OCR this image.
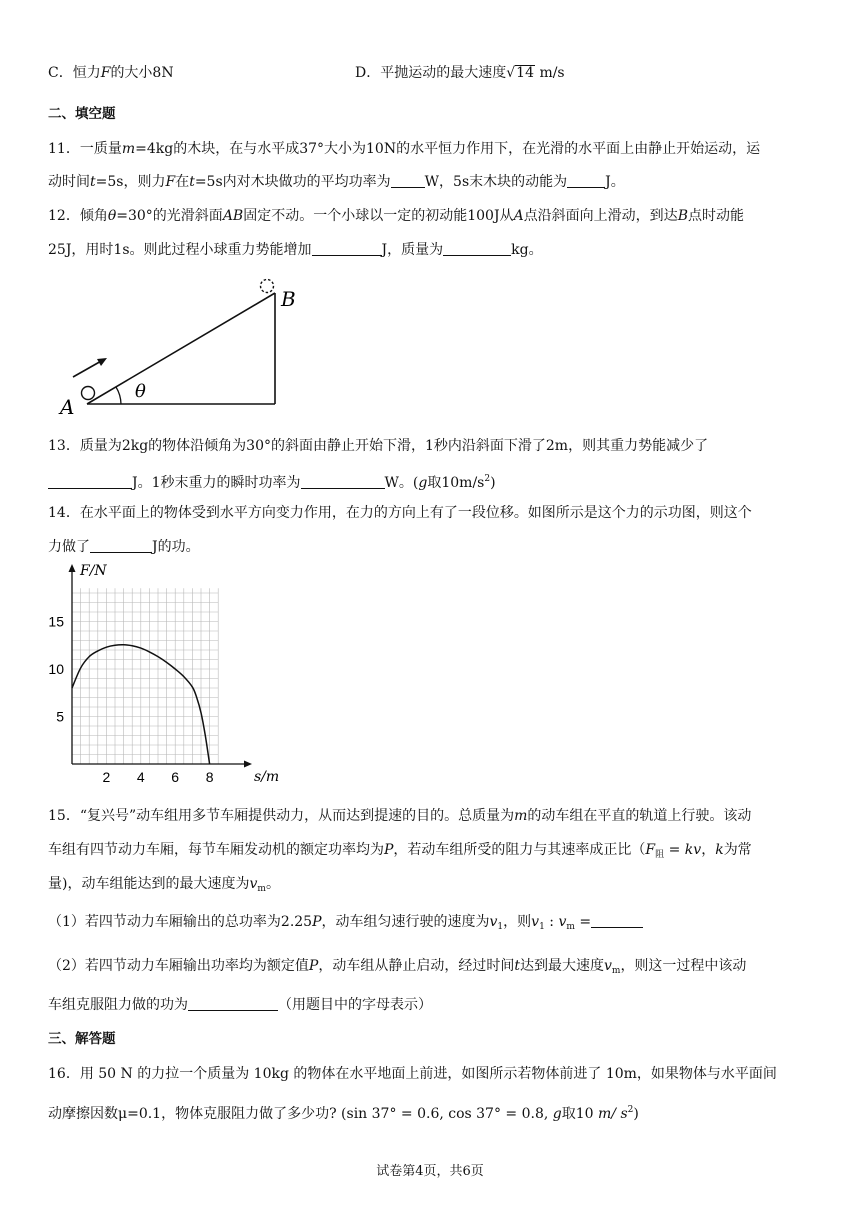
C．恒力F的大小8N	D．平抛运动的最大速度√14 m/s
二、填空题
11．一质量m=4kg的木块，在与水平成37°大小为10N的水平恒力作用下，在光滑的水平面上由静止开始运动，运
动时间t=5s，则力F在t=5s内对木块做功的平均功率为 W，5s末木块的动能为	J。
12．倾角θ=30°的光滑斜面AB固定不动。一个小球以一定的初动能100J从A点沿斜面向上滑动，到达B点时动能
25J，用时1s。则此过程小球重力势能增加	J，质量为	kg。
A
B
θ
13．质量为2kg的物体沿倾角为30°的斜面由静止开始下滑，1秒内沿斜面下滑了2m，则其重力势能减少了
J。1秒末重力的瞬时功率为	W。(g取$10m/s^2$)
14．在水平面上的物体受到水平方向变力作用，在力的方向上有了一段位移。如图所示是这个力的示功图，则这个
力做了	J的功。
2 4 6 8
5
10
15
F/N
s/m
15．“复兴号”动车组用多节车厢提供动力，从而达到提速的目的。总质量为m的动车组在平直的轨道上行驶。该动
车组有四节动力车厢，每节车厢发动机的额定功率均为P，若动车组所受的阻力与其速率成正比（$F_阻$ = kv，k为常
量)，动车组能达到的最大速度为$v_m$。
（1）若四节动力车厢输出的总功率为2.25P，动车组匀速行驶的速度为$v_1$，则$v_1$ : $v_m$ =
（2）若四节动力车厢输出功率均为额定值P，动车组从静止启动，经过时间t达到最大速度$v_m$，则这一过程中该动
车组克服阻力做的功为	（用题目中的字母表示）
三、解答题
16．用 50 N 的力拉一个质量为 10kg 的物体在水平地面上前进，如图所示若物体前进了 10m，如果物体与水平面间
动摩擦因数μ=0.1，物体克服阻力做了多少功? (sin 37° = 0.6, cos 37° = 0.8, g取10 m/ $s^2$)
试卷第4页，共6页
